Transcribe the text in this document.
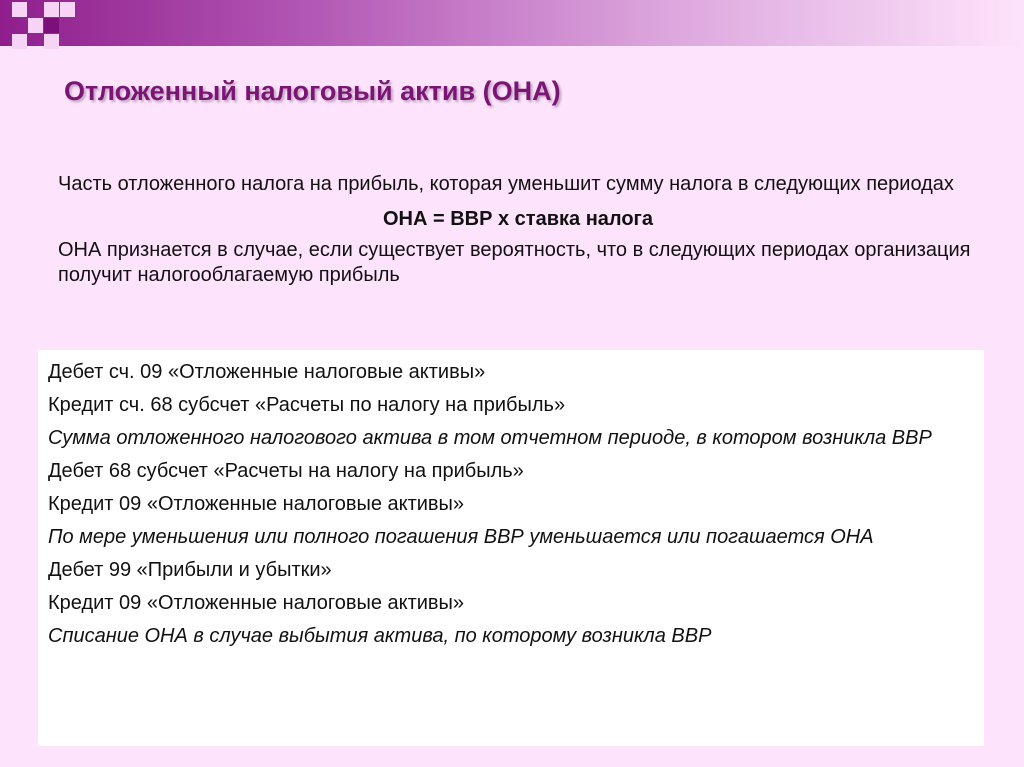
Отложенный налоговый актив (ОНА)

Часть отложенного налога на прибыль, которая уменьшит сумму налога в следующих периодах

ОНА = ВВР х ставка налога

ОНА признается в случае, если существует вероятность, что в следующих периодах организация получит налогооблагаемую прибыль

Дебет сч. 09 «Отложенные налоговые активы»

Кредит сч. 68 субсчет «Расчеты по налогу на прибыль»

Сумма отложенного налогового актива в том отчетном периоде, в котором возникла ВВР

Дебет 68 субсчет «Расчеты на налогу на прибыль»

Кредит 09 «Отложенные налоговые активы»

По мере уменьшения или полного погашения ВВР уменьшается или погашается ОНА

Дебет 99 «Прибыли и убытки»

Кредит 09 «Отложенные налоговые активы»

Списание ОНА в случае выбытия актива, по которому возникла ВВР
